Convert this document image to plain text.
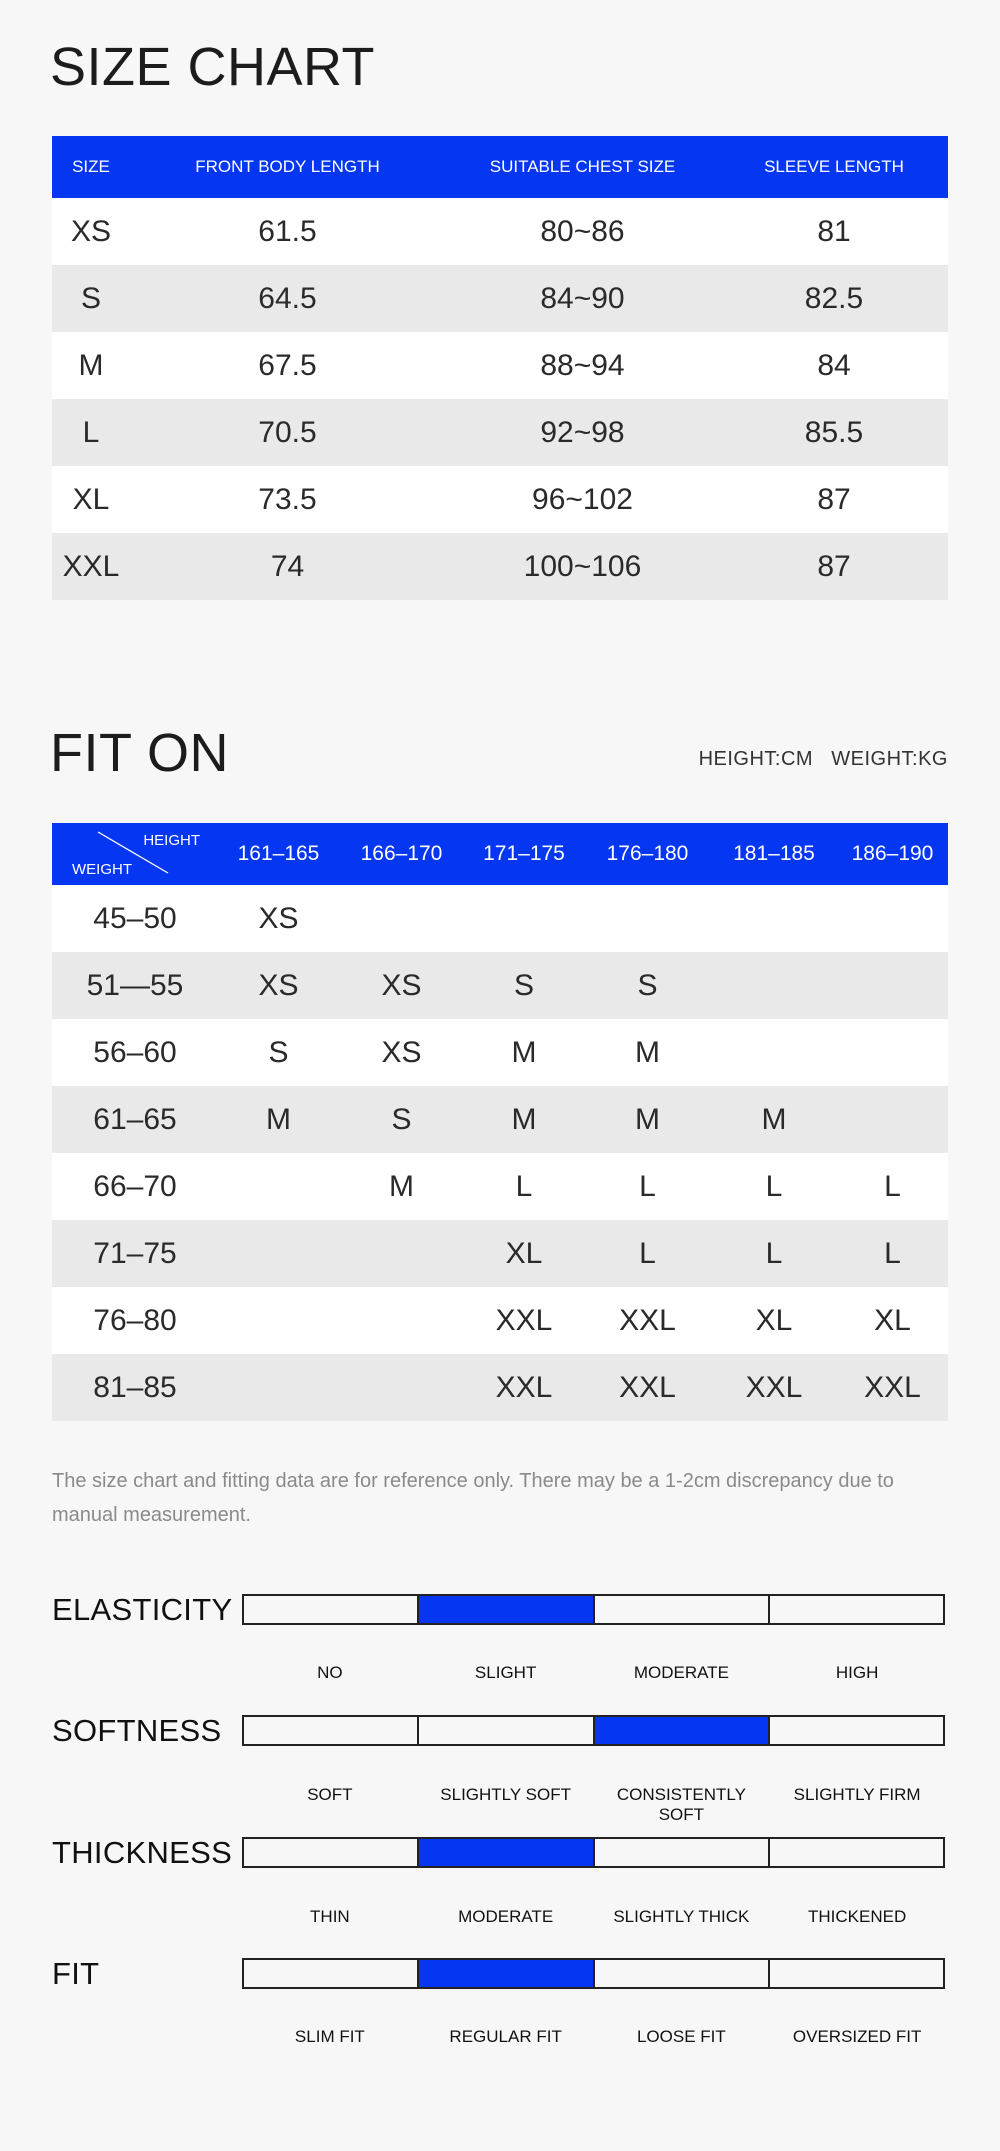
SIZE CHART
SIZE	FRONT BODY LENGTH	SUITABLE CHEST SIZE	SLEEVE LENGTH
XS	61.5	80~86	81
S	64.5	84~90	82.5
M	67.5	88~94	84
L	70.5	92~98	85.5
XL	73.5	96~102	87
XXL	74	100~106	87
FIT ON	HEIGHT:CM   WEIGHT:KG
HEIGHT
WEIGHT	161–165	166–170	171–175	176–180	181–185	186–190
45–50	XS					
51—55	XS	XS	S	S		
56–60	S	XS	M	M		
61–65	M	S	M	M	M	
66–70		M	L	L	L	L
71–75			XL	L	L	L
76–80			XXL	XXL	XL	XL
81–85			XXL	XXL	XXL	XXL

The size chart and fitting data are for reference only. There may be a 1-2cm discrepancy due to manual measurement.

ELASTICITY
NO	SLIGHT	MODERATE	HIGH
SOFTNESS
SOFT	SLIGHTLY SOFT	CONSISTENTLY SOFT
SLIGHTLY FIRM
THICKNESS
THIN	MODERATE	SLIGHTLY THICK	THICKENED
FIT
SLIM FIT	REGULAR FIT	LOOSE FIT	OVERSIZED FIT
